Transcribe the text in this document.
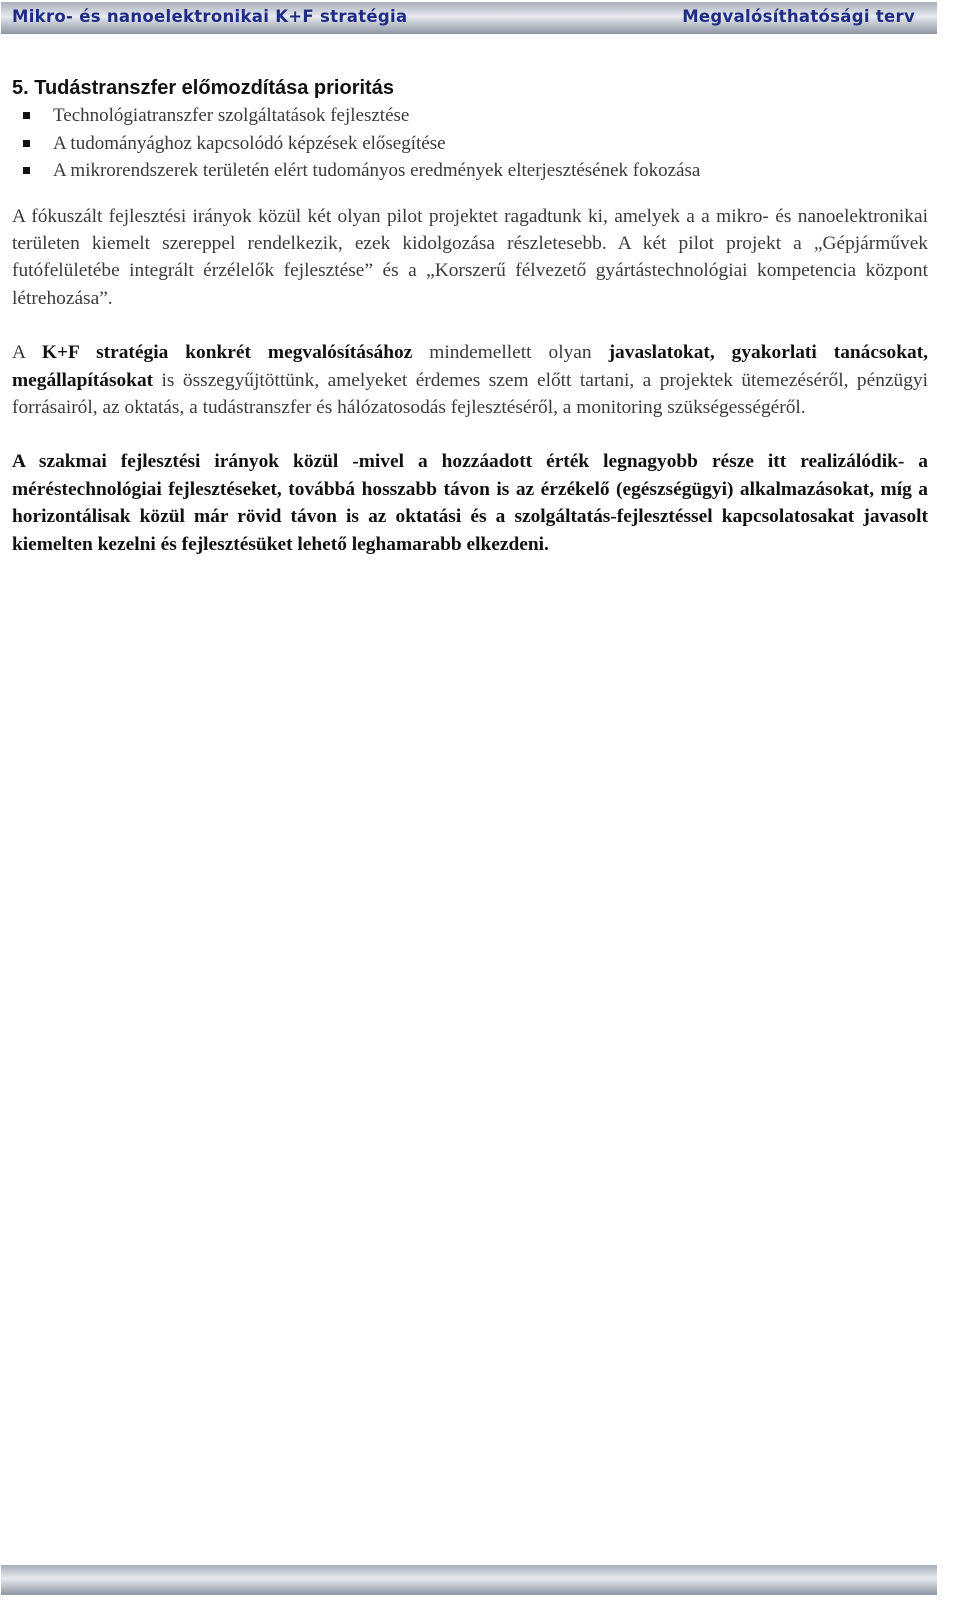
Mikro- és nanoelektronikai K+F stratégia	Megvalósíthatósági terv
5. Tudástranszfer előmozdítása prioritás
Technológiatranszfer szolgáltatások fejlesztése
A tudományághoz kapcsolódó képzések elősegítése
A mikrorendszerek területén elért tudományos eredmények elterjesztésének fokozása

A fókuszált fejlesztési irányok közül két olyan pilot projektet ragadtunk ki, amelyek a a mikro- és nanoelektronikai területen kiemelt szereppel rendelkezik, ezek kidolgozása részletesebb. A két pilot projekt a „Gépjárművek futófelületébe integrált érzélelők fejlesztése” és a „Korszerű félvezető gyártástechnológiai kompetencia központ létrehozása”.

A K+F stratégia konkrét megvalósításához mindemellett olyan javaslatokat, gyakorlati tanácsokat, megállapításokat is összegyűjtöttünk, amelyeket érdemes szem előtt tartani, a projektek ütemezéséről, pénzügyi forrásairól, az oktatás, a tudástranszfer és hálózatosodás fejlesztéséről, a monitoring szükségességéről.

A szakmai fejlesztési irányok közül -mivel a hozzáadott érték legnagyobb része itt realizálódik- a méréstechnológiai fejlesztéseket, továbbá hosszabb távon is az érzékelő (egészségügyi) alkalmazásokat, míg a horizontálisak közül már rövid távon is az oktatási és a szolgáltatás-fejlesztéssel kapcsolatosakat javasolt kiemelten kezelni és fejlesztésüket lehető leghamarabb elkezdeni.
